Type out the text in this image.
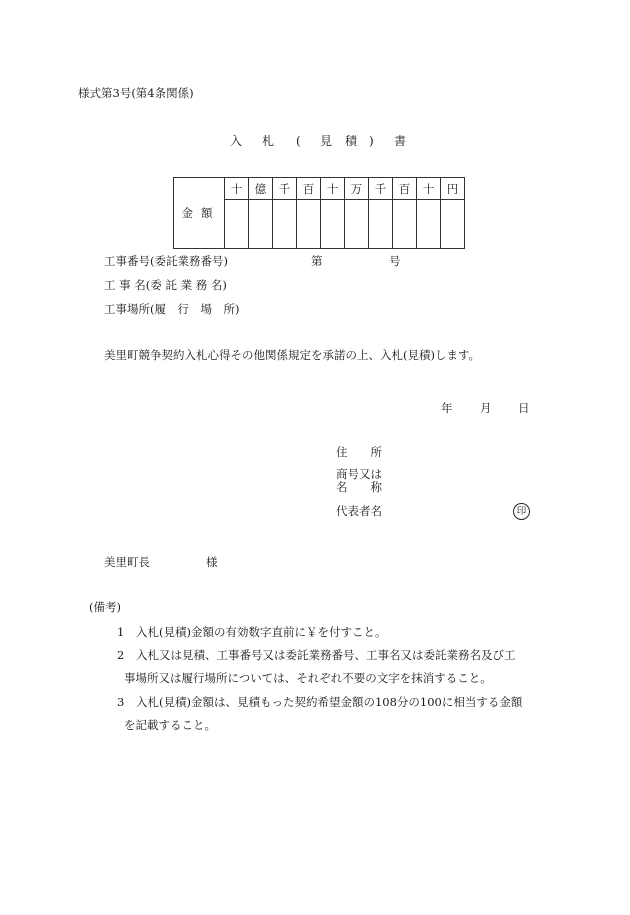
様式第3号(第4条関係)
入 札 ( 見 積 ) 書
金額	十	億	千	百	十	万	千	百	十	円

工事番号(委託業務番号)	第	号
工 事 名(委 託 業 務 名)
工事場所(履　行　場　所)
美里町競争契約入札心得その他関係規定を承諾の上、入札(見積)します。
年 月 日
住　　所
商号又は
名　　称
代表者名	印
美里町長	様
(備考)
1 入札(見積)金額の有効数字直前に￥を付すこと。
2 入札又は見積、工事番号又は委託業務番号、工事名又は委託業務名及び工
事場所又は履行場所については、それぞれ不要の文字を抹消すること。
3 入札(見積)金額は、見積もった契約希望金額の108分の100に相当する金額
を記載すること。
